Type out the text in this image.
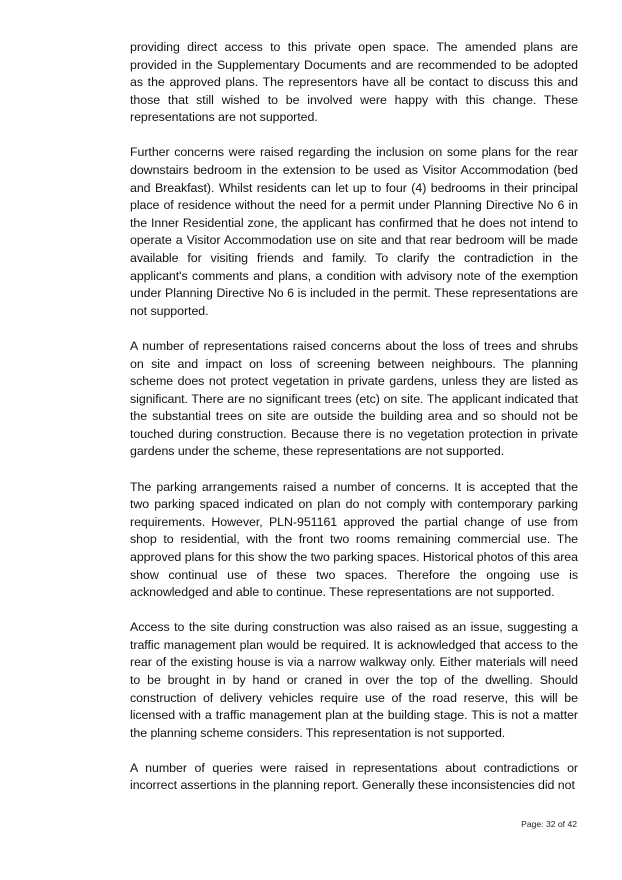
providing direct access to this private open space. The amended plans are provided in the Supplementary Documents and are recommended to be adopted as the approved plans. The representors have all be contact to discuss this and those that still wished to be involved were happy with this change. These representations are not supported.

Further concerns were raised regarding the inclusion on some plans for the rear downstairs bedroom in the extension to be used as Visitor Accommodation (bed and Breakfast). Whilst residents can let up to four (4) bedrooms in their principal place of residence without the need for a permit under Planning Directive No 6 in the Inner Residential zone, the applicant has confirmed that he does not intend to operate a Visitor Accommodation use on site and that rear bedroom will be made available for visiting friends and family. To clarify the contradiction in the applicant's comments and plans, a condition with advisory note of the exemption under Planning Directive No 6 is included in the permit. These representations are not supported.

A number of representations raised concerns about the loss of trees and shrubs on site and impact on loss of screening between neighbours. The planning scheme does not protect vegetation in private gardens, unless they are listed as significant. There are no significant trees (etc) on site. The applicant indicated that the substantial trees on site are outside the building area and so should not be touched during construction. Because there is no vegetation protection in private gardens under the scheme, these representations are not supported.

The parking arrangements raised a number of concerns. It is accepted that the two parking spaced indicated on plan do not comply with contemporary parking requirements. However, PLN-951161 approved the partial change of use from shop to residential, with the front two rooms remaining commercial use. The approved plans for this show the two parking spaces. Historical photos of this area show continual use of these two spaces. Therefore the ongoing use is acknowledged and able to continue. These representations are not supported.

Access to the site during construction was also raised as an issue, suggesting a traffic management plan would be required. It is acknowledged that access to the rear of the existing house is via a narrow walkway only. Either materials will need to be brought in by hand or craned in over the top of the dwelling. Should construction of delivery vehicles require use of the road reserve, this will be licensed with a traffic management plan at the building stage. This is not a matter the planning scheme considers. This representation is not supported.

A number of queries were raised in representations about contradictions or incorrect assertions in the planning report. Generally these inconsistencies did not

Page: 32 of 42
